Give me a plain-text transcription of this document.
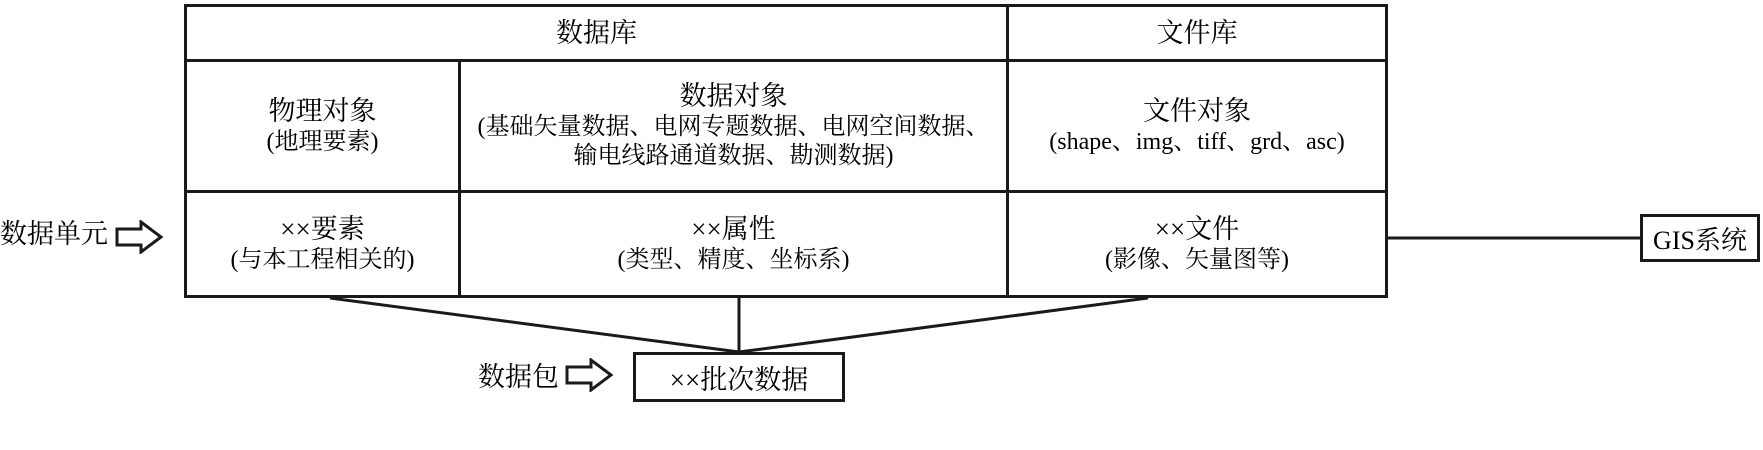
数据单元
数据库	文件库
物理对象
(地理要素)
数据对象
(基础矢量数据、电网专题数据、电网空间数据、输电线路通道数据、勘测数据)
文件对象
(shape、img、tiff、grd、asc)
××要素
(与本工程相关的)
××属性
(类型、精度、坐标系)
××文件
(影像、矢量图等)
GIS系统
数据包	××批次数据
